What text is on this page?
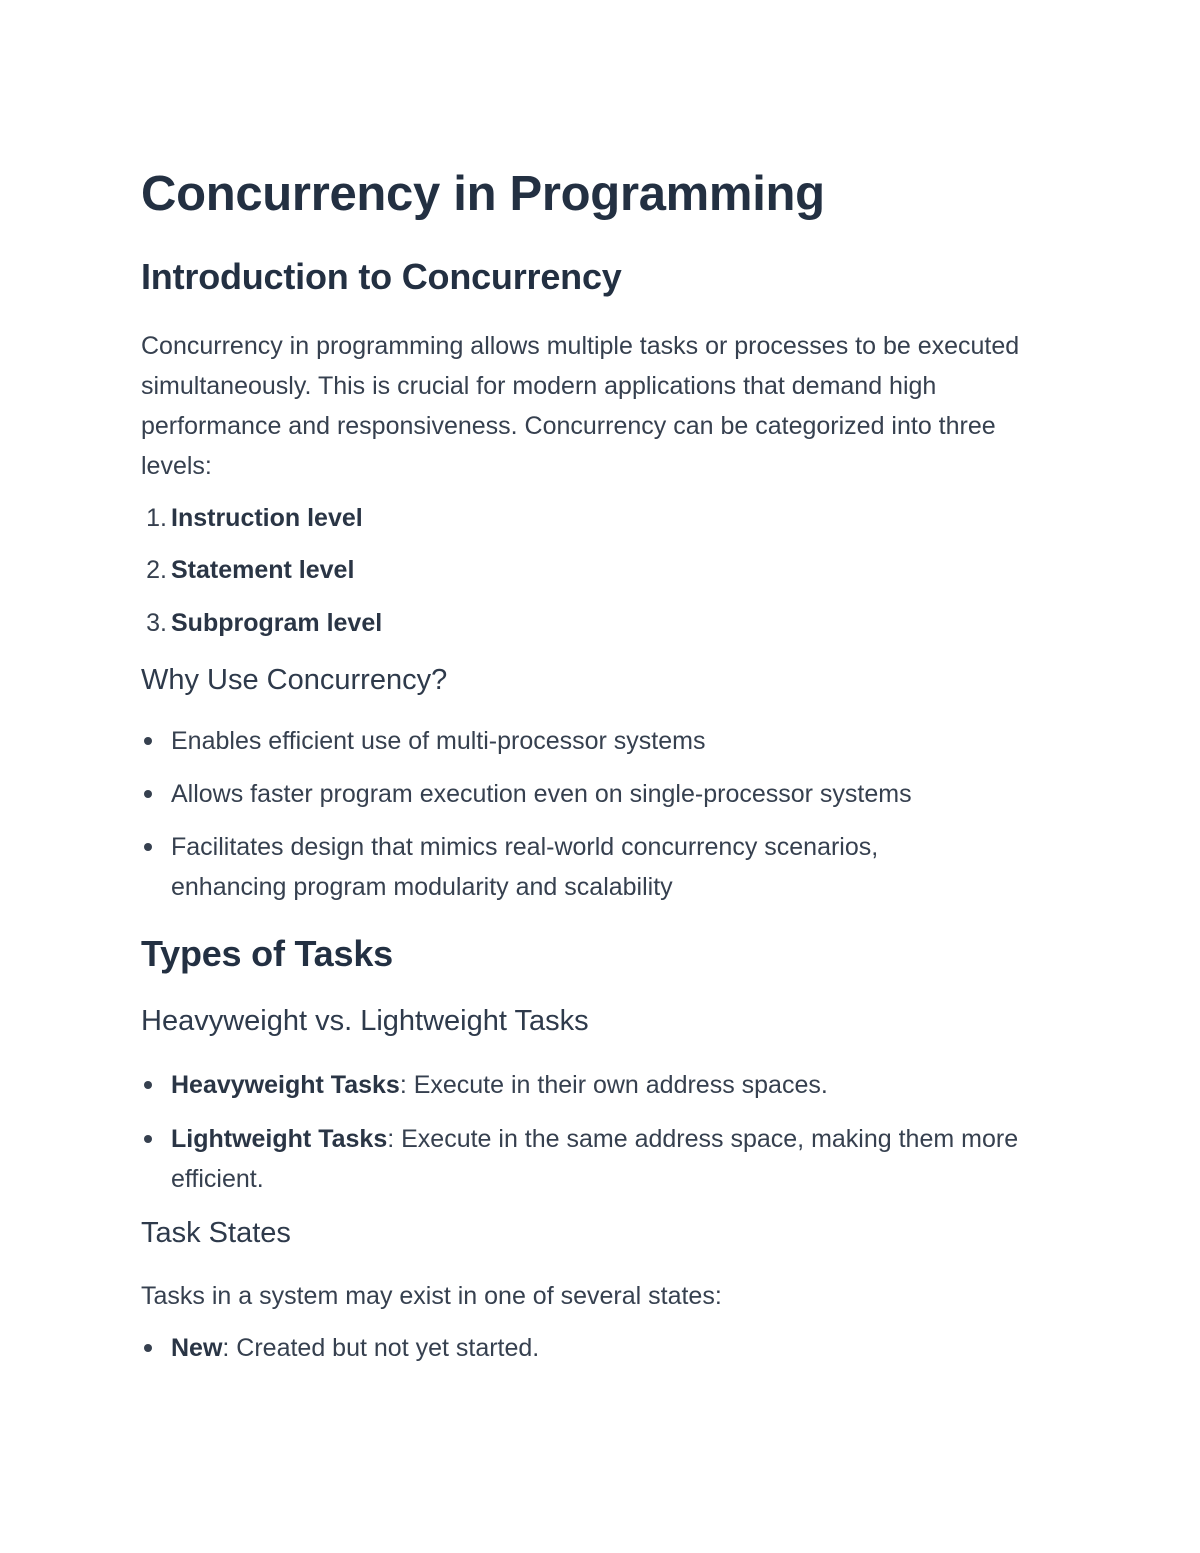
Concurrency in Programming
Introduction to Concurrency

Concurrency in programming allows multiple tasks or processes to be executed simultaneously. This is crucial for modern applications that demand high performance and responsiveness. Concurrency can be categorized into three levels:

1. Instruction level
2. Statement level
3. Subprogram level
Why Use Concurrency?
Enables efficient use of multi-processor systems
Allows faster program execution even on single-processor systems
Facilitates design that mimics real-world concurrency scenarios, enhancing program modularity and scalability
Types of Tasks
Heavyweight vs. Lightweight Tasks
Heavyweight Tasks: Execute in their own address spaces.
Lightweight Tasks: Execute in the same address space, making them more efficient.
Task States

Tasks in a system may exist in one of several states:

New: Created but not yet started.
